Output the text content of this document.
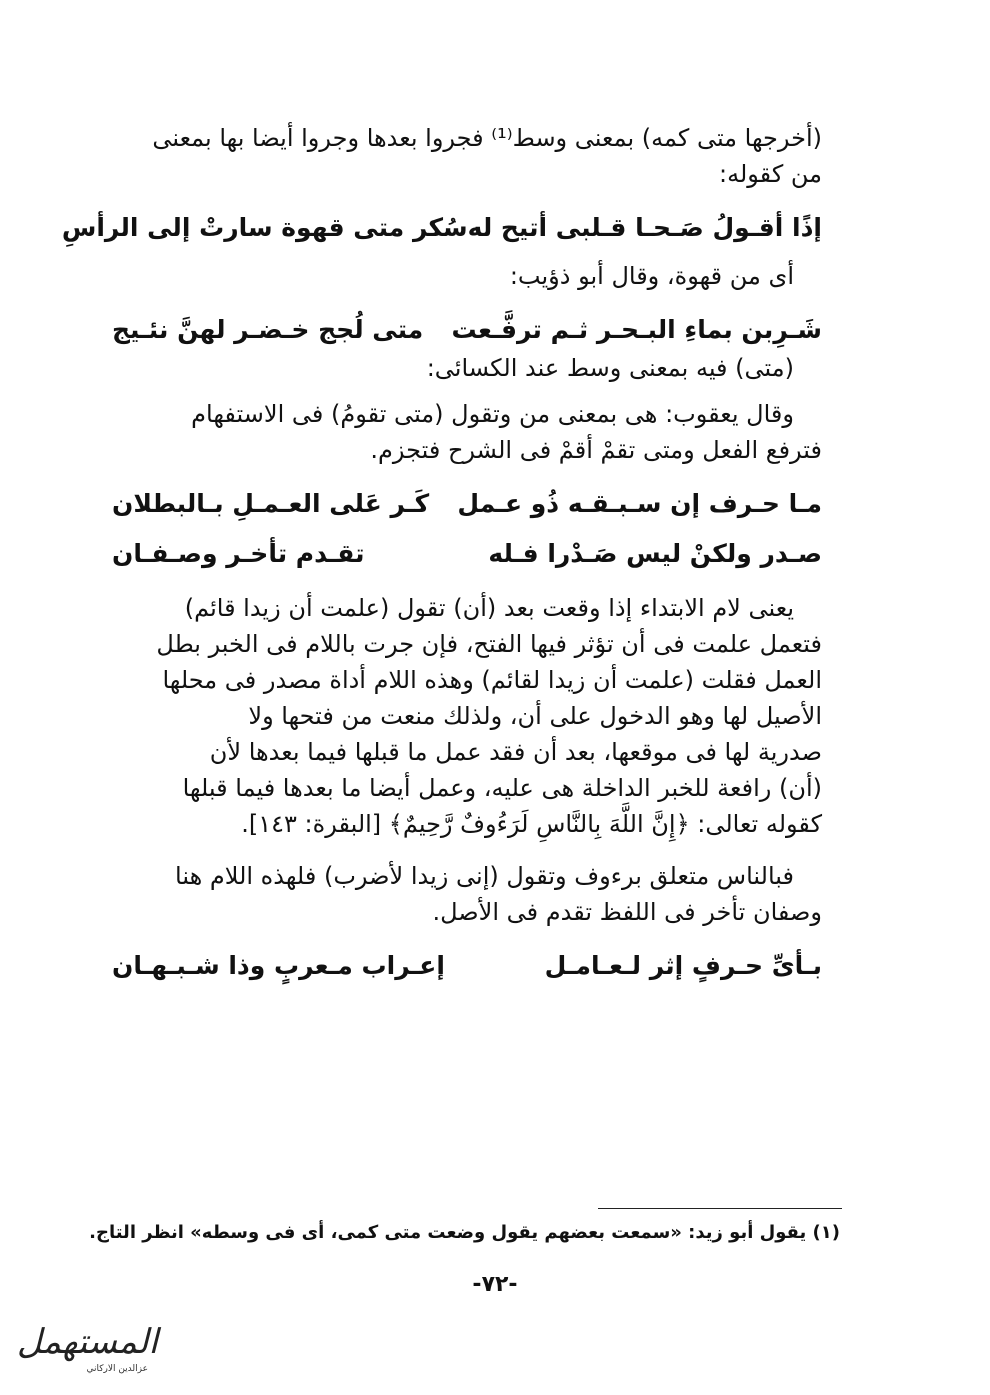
(أخرجها متى كمه) بمعنى وسط⁽¹⁾ فجروا بعدها وجروا أيضا بها بمعنى
من كقوله:

إذًا أقـولُ صَـحـا قـلبى أتيح له
سُكر متى قهوة سارتْ إلى الرأسِ

أى من قهوة، وقال أبو ذؤيب:

شَـرِبن بماءِ البـحـر ثـم ترفَّـعت
متى لُجج خـضـر لهنَّ نئـيج

(متى) فيه بمعنى وسط عند الكسائى:

وقال يعقوب: هى بمعنى من وتقول (متى تقومُ) فى الاستفهام
فترفع الفعل ومتى تقمْ أقمْ فى الشرح فتجزم.

مـا حـرف إن سـبـقـه ذُو عـمل
كَـر عَلى العـمـلِ بـالبطلان
صـدر ولكنْ ليس صَـدْرا فـله
تقـدم تأخـر وصـفـان

يعنى لام الابتداء إذا وقعت بعد (أن) تقول (علمت أن زيدا قائم)
فتعمل علمت فى أن تؤثر فيها الفتح، فإن جرت باللام فى الخبر بطل
العمل فقلت (علمت أن زيدا لقائم) وهذه اللام أداة مصدر فى محلها
الأصيل لها وهو الدخول على أن، ولذلك منعت من فتحها ولا
صدرية لها فى موقعها، بعد أن فقد عمل ما قبلها فيما بعدها لأن
(أن) رافعة للخبر الداخلة هى عليه، وعمل أيضا ما بعدها فيما قبلها
كقوله تعالى: ﴿إِنَّ اللَّهَ بِالنَّاسِ لَرَءُوفٌ رَّحِيمٌ﴾ [البقرة: ١٤٣].

فبالناس متعلق برءوف وتقول (إنى زيدا لأضرب) فلهذه اللام هنا
وصفان تأخر فى اللفظ تقدم فى الأصل.

بـأىِّ حـرفٍ إثر لـعـامـل
إعـراب مـعربٍ وذا شـبـهـان
(١) يقول أبو زيد: «سمعت بعضهم يقول وضعت متى كمى، أى فى وسطه» انظر التاج.
-٧٢-
المستهمل
عزالدين الاركاني
